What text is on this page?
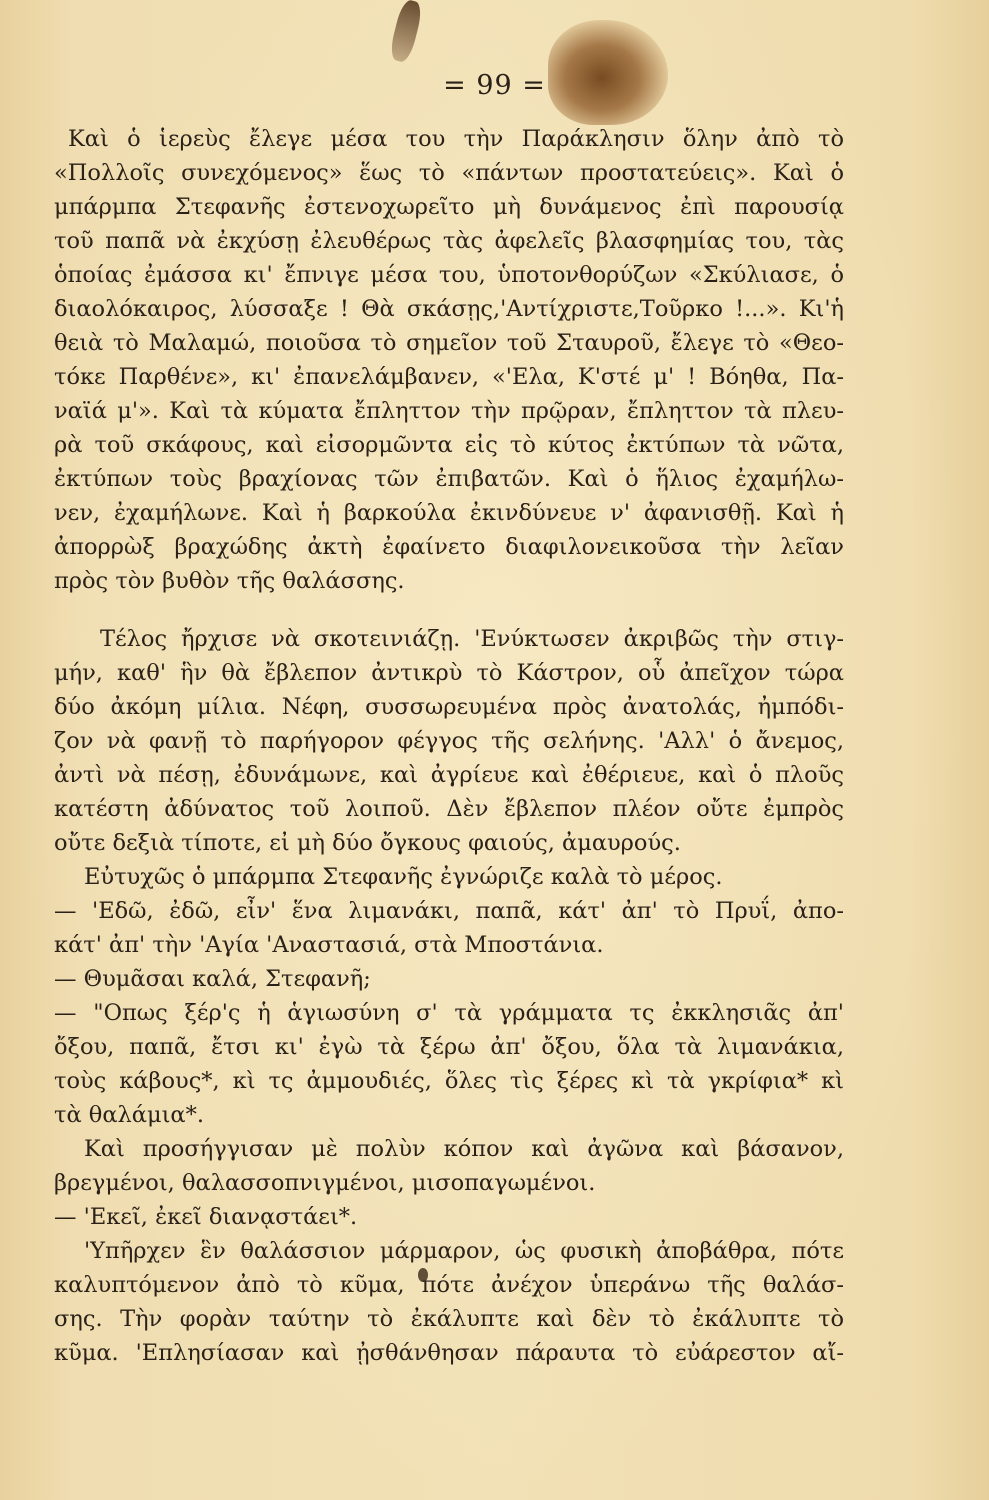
= 99 =
Καὶ ὁ ἱερεὺς ἔλεγε μέσα του τὴν Παράκλησιν ὅλην ἀπὸ τὸ
«Πολλοῖς συνεχόμενος» ἕως τὸ «πάντων προστατεύεις». Καὶ ὁ
μπάρμπα Στεφανῆς ἐστενοχωρεῖτο μὴ δυνάμενος ἐπὶ παρουσίᾳ
τοῦ παπᾶ νὰ ἐκχύσῃ ἐλευθέρως τὰς ἀφελεῖς βλασφημίας του, τὰς
ὁποίας ἐμάσσα κι' ἔπνιγε μέσα του, ὑποτονθορύζων «Σκύλιασε, ὁ
διαολόκαιρος, λύσσαξε ! Θὰ σκάσῃς,'Αντίχριστε,Τοῦρκο !...». Κι'ἡ
θειὰ τὸ Μαλαμώ, ποιοῦσα τὸ σημεῖον τοῦ Σταυροῦ, ἔλεγε τὸ «Θεο-
τόκε Παρθένε», κι' ἐπανελάμβανεν, «'Ελα, Κ'στέ μ' ! Βόηθα, Πα-
ναϊά μ'». Καὶ τὰ κύματα ἔπληττον τὴν πρῷραν, ἔπληττον τὰ πλευ-
ρὰ τοῦ σκάφους, καὶ εἰσορμῶντα εἰς τὸ κύτος ἐκτύπων τὰ νῶτα,
ἐκτύπων τοὺς βραχίονας τῶν ἐπιβατῶν. Καὶ ὁ ἥλιος ἐχαμήλω-
νεν, ἐχαμήλωνε. Καὶ ἡ βαρκούλα ἐκινδύνευε ν' ἀφανισθῇ. Καὶ ἡ
ἀπορρὼξ βραχώδης ἀκτὴ ἐφαίνετο διαφιλονεικοῦσα τὴν λεῖαν
πρὸς τὸν βυθὸν τῆς θαλάσσης.
Τέλος ἤρχισε νὰ σκοτεινιάζῃ. 'Ενύκτωσεν ἀκριβῶς τὴν στιγ-
μήν, καθ' ἣν θὰ ἔβλεπον ἀντικρὺ τὸ Κάστρον, οὗ ἀπεῖχον τώρα
δύο ἀκόμη μίλια. Νέφη, συσσωρευμένα πρὸς ἀνατολάς, ἠμπόδι-
ζον νὰ φανῇ τὸ παρήγορον φέγγος τῆς σελήνης. 'Αλλ' ὁ ἄνεμος,
ἀντὶ νὰ πέσῃ, ἐδυνάμωνε, καὶ ἀγρίευε καὶ ἐθέριευε, καὶ ὁ πλοῦς
κατέστη ἀδύνατος τοῦ λοιποῦ. Δὲν ἔβλεπον πλέον οὔτε ἐμπρὸς
οὔτε δεξιὰ τίποτε, εἰ μὴ δύο ὄγκους φαιούς, ἀμαυρούς.
Εὐτυχῶς ὁ μπάρμπα Στεφανῆς ἐγνώριζε καλὰ τὸ μέρος.
— 'Εδῶ, ἐδῶ, εἶν' ἕνα λιμανάκι, παπᾶ, κάτ' ἀπ' τὸ Πρυΐ, ἀπο-
κάτ' ἀπ' τὴν 'Αγία 'Αναστασιά, στὰ Μποστάνια.
— Θυμᾶσαι καλά, Στεφανῆ;
— "Οπως ξέρ'ς ἡ ἁγιωσύνη σ' τὰ γράμματα τς ἐκκλησιᾶς ἀπ'
ὄξου, παπᾶ, ἔτσι κι' ἐγὼ τὰ ξέρω ἀπ' ὄξου, ὅλα τὰ λιμανάκια,
τοὺς κάβους*, κὶ τς ἀμμουδιές, ὅλες τὶς ξέρες κὶ τὰ γκρίφια* κὶ
τὰ θαλάμια*.
Καὶ προσήγγισαν μὲ πολὺν κόπον καὶ ἀγῶνα καὶ βάσανον,
βρεγμένοι, θαλασσοπνιγμένοι, μισοπαγωμένοι.
— 'Εκεῖ, ἐκεῖ διανᾳστάει*.
'Υπῆρχεν ἓν θαλάσσιον μάρμαρον, ὡς φυσικὴ ἀποβάθρα, πότε
καλυπτόμενον ἀπὸ τὸ κῦμα, πότε ἀνέχον ὑπεράνω τῆς θαλάσ-
σης. Τὴν φορὰν ταύτην τὸ ἐκάλυπτε καὶ δὲν τὸ ἐκάλυπτε τὸ
κῦμα. 'Επλησίασαν καὶ ᾐσθάνθησαν πάραυτα τὸ εὐάρεστον αἴ-
